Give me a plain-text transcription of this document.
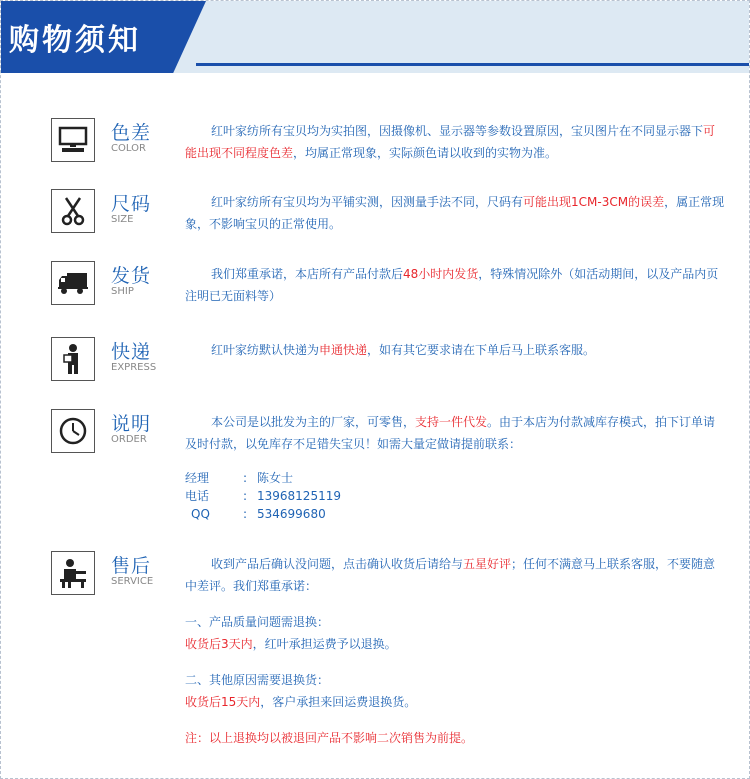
购物须知
色差
COLOR
红叶家纺所有宝贝均为实拍图，因摄像机、显示器等参数设置原因，宝贝图片在不同显示器下可能出现不同程度色差，均属正常现象，实际颜色请以收到的实物为准。
尺码
SIZE
红叶家纺所有宝贝均为平铺实测，因测量手法不同，尺码有可能出现1CM-3CM的误差，属正常现象，不影响宝贝的正常使用。
发货
SHIP
我们郑重承诺，本店所有产品付款后48小时内发货，特殊情况除外（如活动期间，以及产品内页注明已无面料等）
快递
EXPRESS
红叶家纺默认快递为申通快递，如有其它要求请在下单后马上联系客服。
说明
ORDER
本公司是以批发为主的厂家，可零售，支持一件代发。由于本店为付款减库存模式，拍下订单请及时付款，以免库存不足错失宝贝！如需大量定做请提前联系：
经理	: 陈女士
电话	: 13968125119
QQ	: 534699680
售后
SERVICE
收到产品后确认没问题，点击确认收货后请给与五星好评；任何不满意马上联系客服，不要随意中差评。我们郑重承诺：
一、产品质量问题需退换：
收货后3天内，红叶承担运费予以退换。
二、其他原因需要退换货：
收货后15天内，客户承担来回运费退换货。
注：以上退换均以被退回产品不影响二次销售为前提。
